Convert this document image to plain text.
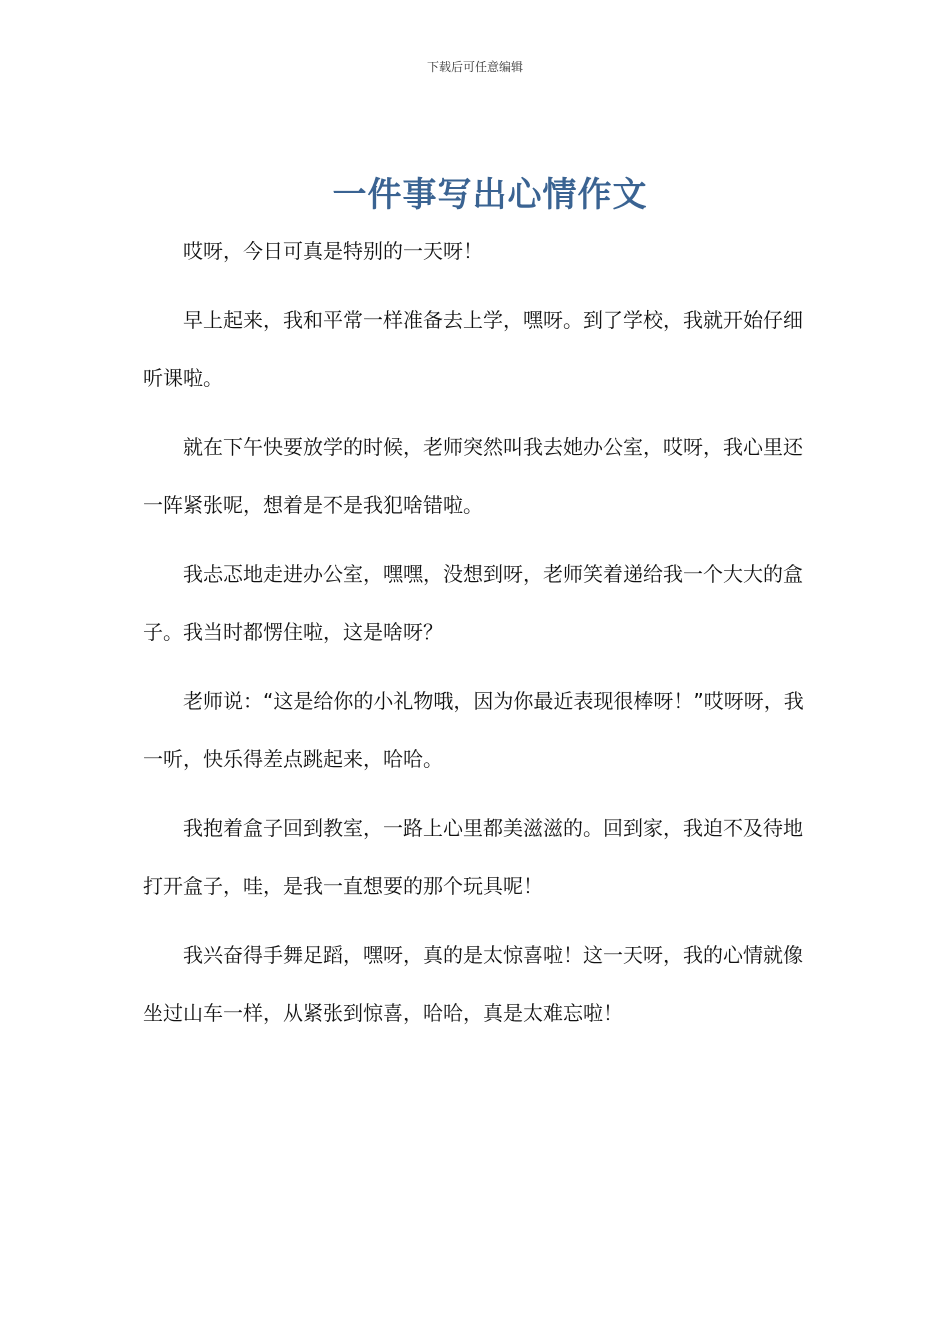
下载后可任意编辑
一件事写出心情作文

哎呀，今日可真是特别的一天呀！

早上起来，我和平常一样准备去上学，嘿呀。到了学校，我就开始仔细听课啦。

就在下午快要放学的时候，老师突然叫我去她办公室，哎呀，我心里还一阵紧张呢，想着是不是我犯啥错啦。

我忐忑地走进办公室，嘿嘿，没想到呀，老师笑着递给我一个大大的盒子。我当时都愣住啦，这是啥呀？

老师说：“这是给你的小礼物哦，因为你最近表现很棒呀！”哎呀呀，我一听，快乐得差点跳起来，哈哈。

我抱着盒子回到教室，一路上心里都美滋滋的。回到家，我迫不及待地打开盒子，哇，是我一直想要的那个玩具呢！

我兴奋得手舞足蹈，嘿呀，真的是太惊喜啦！这一天呀，我的心情就像坐过山车一样，从紧张到惊喜，哈哈，真是太难忘啦！
